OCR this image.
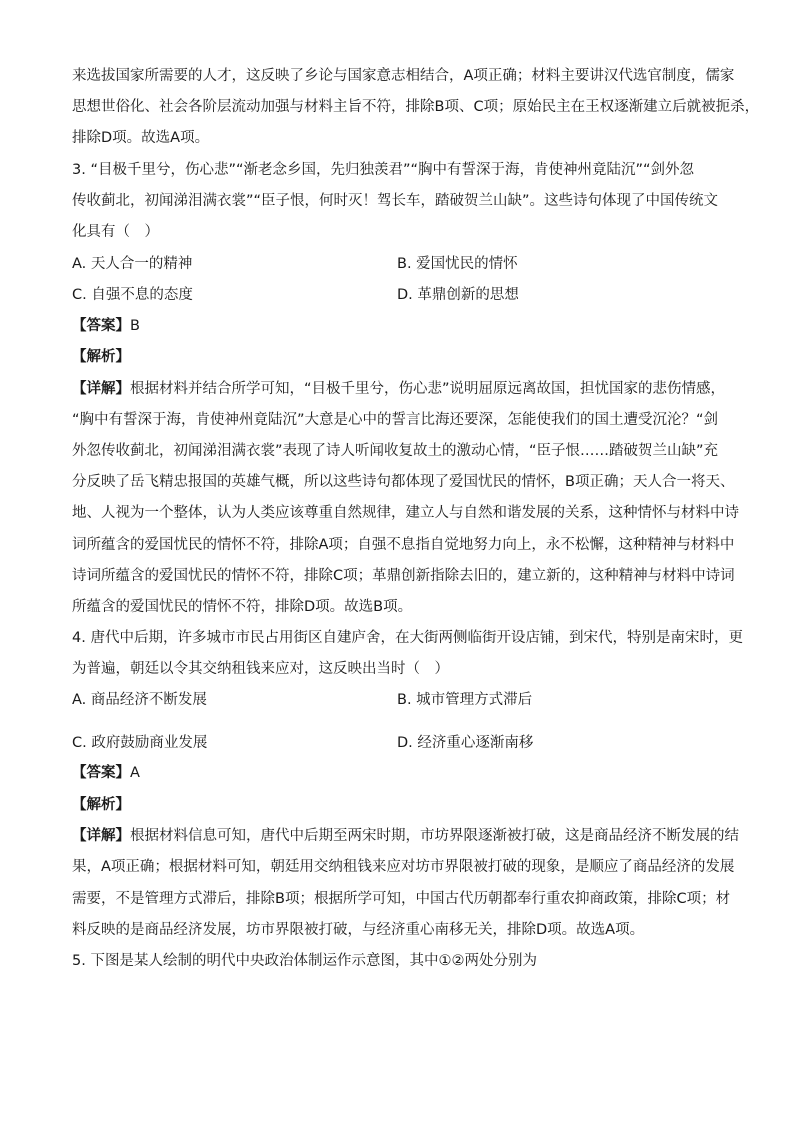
来选拔国家所需要的人才，这反映了乡论与国家意志相结合，A项正确；材料主要讲汉代选官制度，儒家
思想世俗化、社会各阶层流动加强与材料主旨不符，排除B项、C项；原始民主在王权逐渐建立后就被扼杀，
排除D项。故选A项。
3. “目极千里兮，伤心悲”“渐老念乡国，先归独羡君”“胸中有誓深于海，肯使神州竟陆沉”“剑外忽
传收蓟北，初闻涕泪满衣裳”“臣子恨，何时灭！驾长车，踏破贺兰山缺”。这些诗句体现了中国传统文
化具有（　）
A. 天人合一的精神	B. 爱国忧民的情怀
C. 自强不息的态度	D. 革鼎创新的思想
【答案】B
【解析】
【详解】根据材料并结合所学可知，“目极千里兮，伤心悲”说明屈原远离故国，担忧国家的悲伤情感，
“胸中有誓深于海，肯使神州竟陆沉”大意是心中的誓言比海还要深，怎能使我们的国土遭受沉沦？“剑
外忽传收蓟北，初闻涕泪满衣裳”表现了诗人听闻收复故土的激动心情，“臣子恨……踏破贺兰山缺”充
分反映了岳飞精忠报国的英雄气概，所以这些诗句都体现了爱国忧民的情怀，B项正确；天人合一将天、
地、人视为一个整体，认为人类应该尊重自然规律，建立人与自然和谐发展的关系，这种情怀与材料中诗
词所蕴含的爱国忧民的情怀不符，排除A项；自强不息指自觉地努力向上，永不松懈，这种精神与材料中
诗词所蕴含的爱国忧民的情怀不符，排除C项；革鼎创新指除去旧的，建立新的，这种精神与材料中诗词
所蕴含的爱国忧民的情怀不符，排除D项。故选B项。
4. 唐代中后期，许多城市市民占用街区自建庐舍，在大街两侧临街开设店铺，到宋代，特别是南宋时，更
为普遍，朝廷以令其交纳租钱来应对，这反映出当时（　）
A. 商品经济不断发展	B. 城市管理方式滞后
C. 政府鼓励商业发展	D. 经济重心逐渐南移
【答案】A
【解析】
【详解】根据材料信息可知，唐代中后期至两宋时期，市坊界限逐渐被打破，这是商品经济不断发展的结
果，A项正确；根据材料可知，朝廷用交纳租钱来应对坊市界限被打破的现象，是顺应了商品经济的发展
需要，不是管理方式滞后，排除B项；根据所学可知，中国古代历朝都奉行重农抑商政策，排除C项；材
料反映的是商品经济发展，坊市界限被打破，与经济重心南移无关，排除D项。故选A项。
5. 下图是某人绘制的明代中央政治体制运作示意图，其中①②两处分别为
